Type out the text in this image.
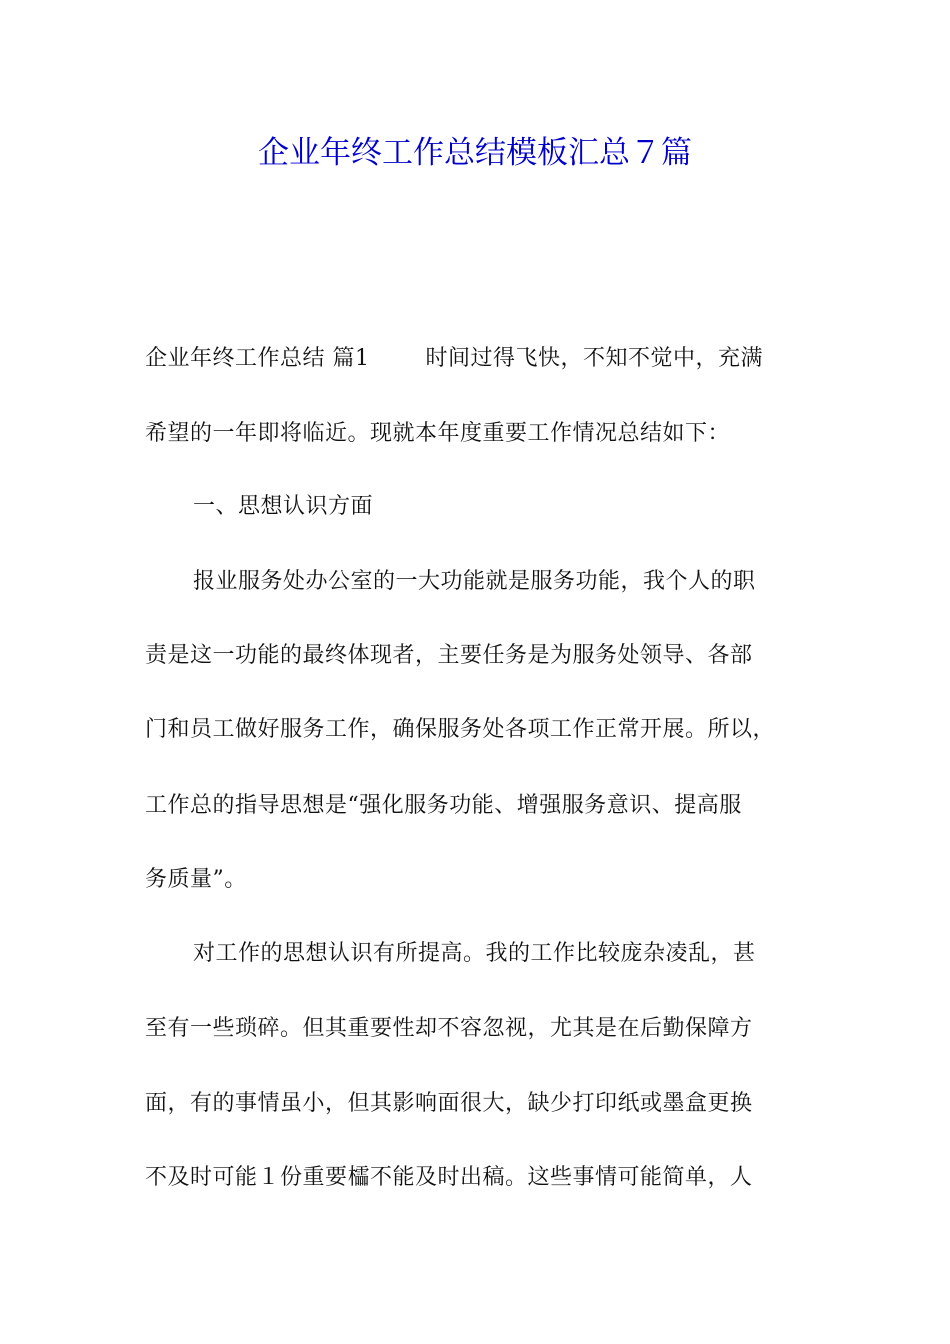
企业年终工作总结模板汇总７篇
企业年终工作总结 篇1	时间过得飞快，不知不觉中，充满
希望的一年即将临近。现就本年度重要工作情况总结如下：
一、思想认识方面
报业服务处办公室的一大功能就是服务功能，我个人的职
责是这一功能的最终体现者，主要任务是为服务处领导、各部
门和员工做好服务工作，确保服务处各项工作正常开展。所以，
工作总的指导思想是“强化服务功能、增强服务意识、提高服
务质量”。
对工作的思想认识有所提高。我的工作比较庞杂凌乱，甚
至有一些琐碎。但其重要性却不容忽视，尤其是在后勤保障方
面，有的事情虽小，但其影响面很大，缺少打印纸或墨盒更换
不及时可能１份重要櫺不能及时出稿。这些事情可能简单，人
